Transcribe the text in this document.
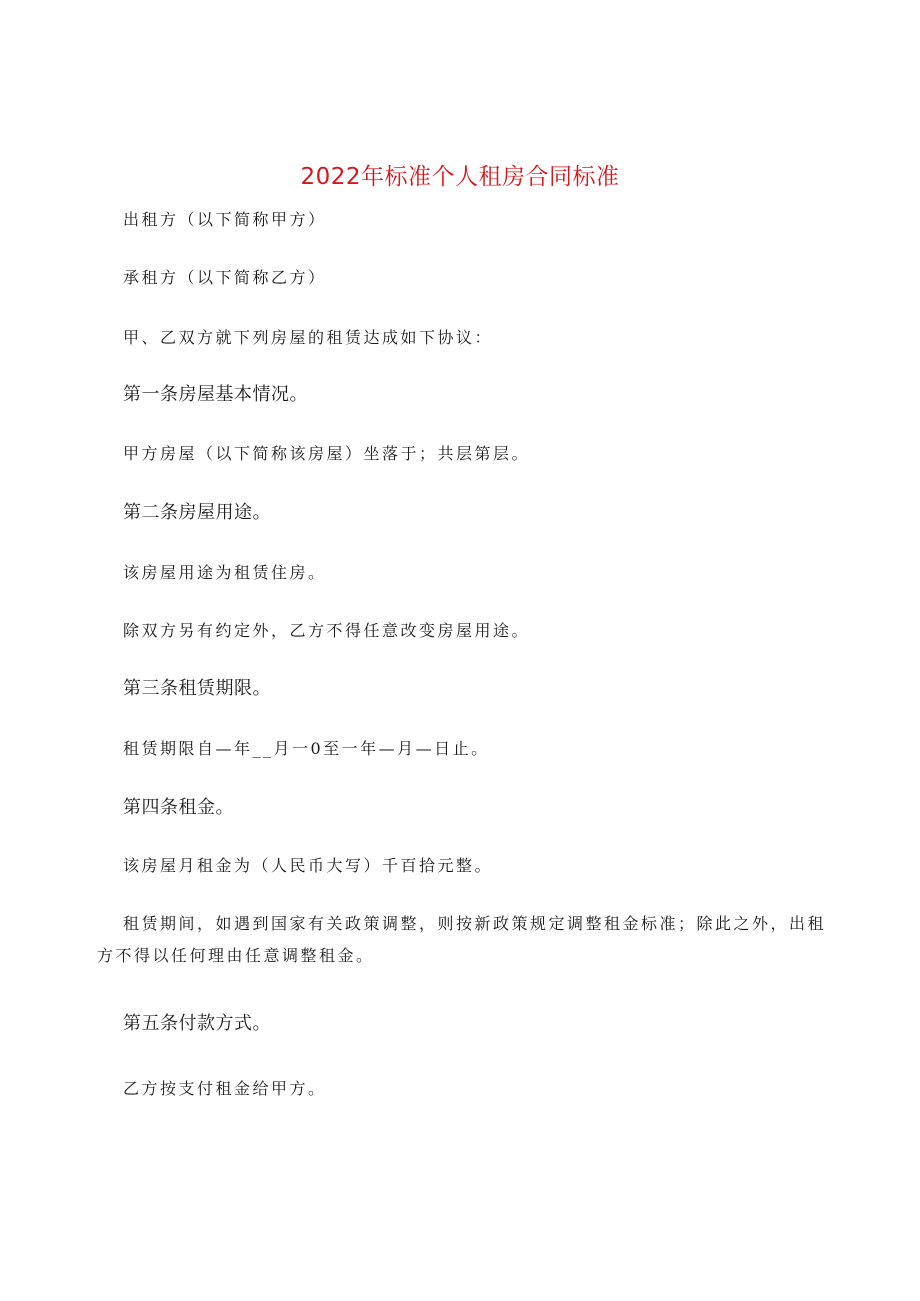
2022年标准个人租房合同标准
出租方（以下简称甲方）
承租方（以下简称乙方）
甲、乙双方就下列房屋的租赁达成如下协议：
第一条房屋基本情况。
甲方房屋（以下简称该房屋）坐落于；共层第层。
第二条房屋用途。
该房屋用途为租赁住房。
除双方另有约定外，乙方不得任意改变房屋用途。
第三条租赁期限。
租赁期限自—年__月一0至一年—月—日止。
第四条租金。
该房屋月租金为（人民币大写）千百拾元整。
租赁期间，如遇到国家有关政策调整，则按新政策规定调整租金标准；除此之外，出租方不得以任何理由任意调整租金。
第五条付款方式。
乙方按支付租金给甲方。
